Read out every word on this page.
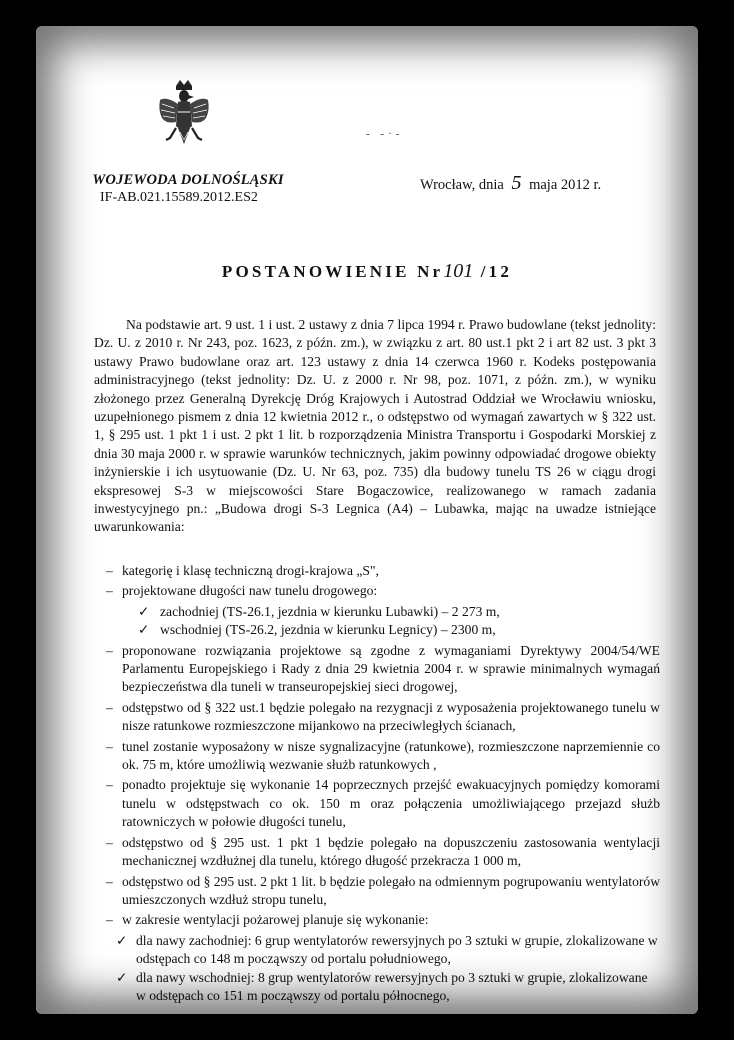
- -·-
WOJEWODA DOLNOŚLĄSKI
IF-AB.021.15589.2012.ES2
Wrocław, dnia 5 maja 2012 r.
POSTANOWIENIE Nr101 /12
Na podstawie art. 9 ust. 1 i ust. 2 ustawy z dnia 7 lipca 1994 r. Prawo budowlane (tekst jednolity: Dz. U. z 2010 r. Nr 243, poz. 1623, z późn. zm.), w związku z art. 80 ust.1 pkt 2 i art 82 ust. 3 pkt 3 ustawy Prawo budowlane oraz art. 123 ustawy z dnia 14 czerwca 1960 r. Kodeks postępowania administracyjnego (tekst jednolity: Dz. U. z 2000 r. Nr 98, poz. 1071, z późn. zm.), w wyniku złożonego przez Generalną Dyrekcję Dróg Krajowych i Autostrad Oddział we Wrocławiu wniosku, uzupełnionego pismem z dnia 12 kwietnia 2012 r., o odstępstwo od wymagań zawartych w § 322 ust. 1, § 295 ust. 1 pkt 1 i ust. 2 pkt 1 lit. b rozporządzenia Ministra Transportu i Gospodarki Morskiej z dnia 30 maja 2000 r. w sprawie warunków technicznych, jakim powinny odpowiadać drogowe obiekty inżynierskie i ich usytuowanie (Dz. U. Nr 63, poz. 735) dla budowy tunelu TS 26 w ciągu drogi ekspresowej S-3 w miejscowości Stare Bogaczowice, realizowanego w ramach zadania inwestycyjnego pn.: „Budowa drogi S-3 Legnica (A4) – Lubawka, mając na uwadze istniejące uwarunkowania:
– kategorię i klasę techniczną drogi-krajowa „S",
– projektowane długości naw tunelu drogowego:
✓ zachodniej (TS-26.1, jezdnia w kierunku Lubawki) – 2 273 m,
✓ wschodniej (TS-26.2, jezdnia w kierunku Legnicy) – 2300 m,
– proponowane rozwiązania projektowe są zgodne z wymaganiami Dyrektywy 2004/54/WE Parlamentu Europejskiego i Rady z dnia 29 kwietnia 2004 r. w sprawie minimalnych wymagań bezpieczeństwa dla tuneli w transeuropejskiej sieci drogowej,
– odstępstwo od § 322 ust.1 będzie polegało na rezygnacji z wyposażenia projektowanego tunelu w nisze ratunkowe rozmieszczone mijankowo na przeciwległych ścianach,
– tunel zostanie wyposażony w nisze sygnalizacyjne (ratunkowe), rozmieszczone naprzemiennie co ok. 75 m, które umożliwią wezwanie służb ratunkowych ,
– ponadto projektuje się wykonanie 14 poprzecznych przejść ewakuacyjnych pomiędzy komorami tunelu w odstępstwach co ok. 150 m oraz połączenia umożliwiającego przejazd służb ratowniczych w połowie długości tunelu,
– odstępstwo od § 295 ust. 1 pkt 1 będzie polegało na dopuszczeniu zastosowania wentylacji mechanicznej wzdłużnej dla tunelu, którego długość przekracza 1 000 m,
– odstępstwo od § 295 ust. 2 pkt 1 lit. b będzie polegało na odmiennym pogrupowaniu wentylatorów umieszczonych wzdłuż stropu tunelu,
– w zakresie wentylacji pożarowej planuje się wykonanie:
✓ dla nawy zachodniej: 6 grup wentylatorów rewersyjnych po 3 sztuki w grupie, zlokalizowane w odstępach co 148 m począwszy od portalu południowego,
✓ dla nawy wschodniej: 8 grup wentylatorów rewersyjnych po 3 sztuki w grupie, zlokalizowane w odstępach co 151 m począwszy od portalu północnego,
